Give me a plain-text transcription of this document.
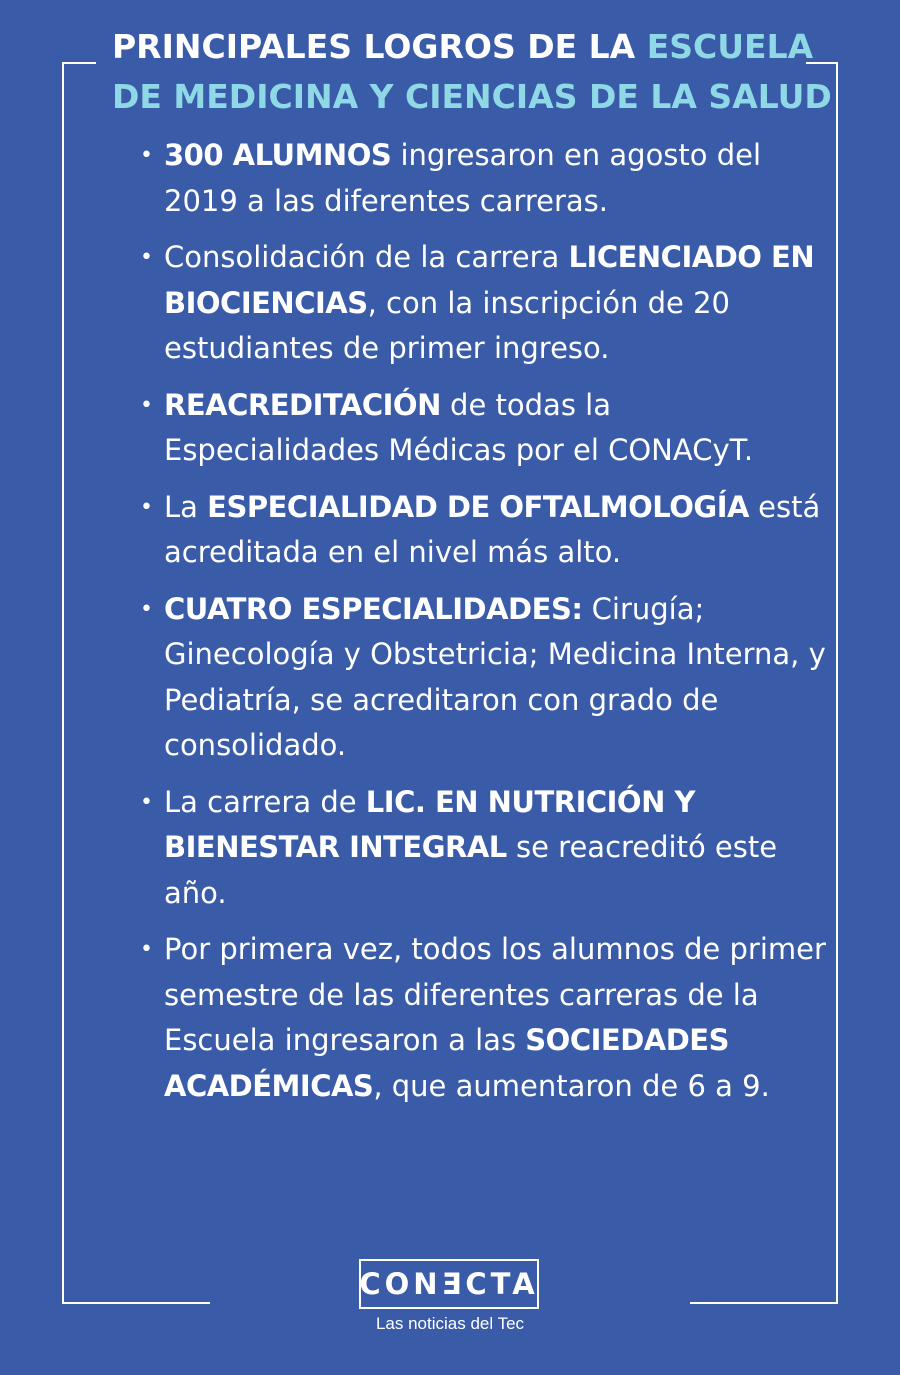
PRINCIPALES LOGROS DE LA ESCUELA
DE MEDICINA Y CIENCIAS DE LA SALUD
• 300 ALUMNOS ingresaron en agosto del 2019 a las diferentes carreras.
• Consolidación de la carrera LICENCIADO EN BIOCIENCIAS, con la inscripción de 20 estudiantes de primer ingreso.
• REACREDITACIÓN de todas la Especialidades Médicas por el CONACyT.
• La ESPECIALIDAD DE OFTALMOLOGÍA está acreditada en el nivel más alto.
• CUATRO ESPECIALIDADES: Cirugía; Ginecología y Obstetricia; Medicina Interna, y Pediatría, se acreditaron con grado de consolidado.
• La carrera de LIC. EN NUTRICIÓN Y BIENESTAR INTEGRAL se reacreditó este año.
• Por primera vez, todos los alumnos de primer semestre de las diferentes carreras de la Escuela ingresaron a las SOCIEDADES ACADÉMICAS, que aumentaron de 6 a 9.
CONƎCTA
Las noticias del Tec
